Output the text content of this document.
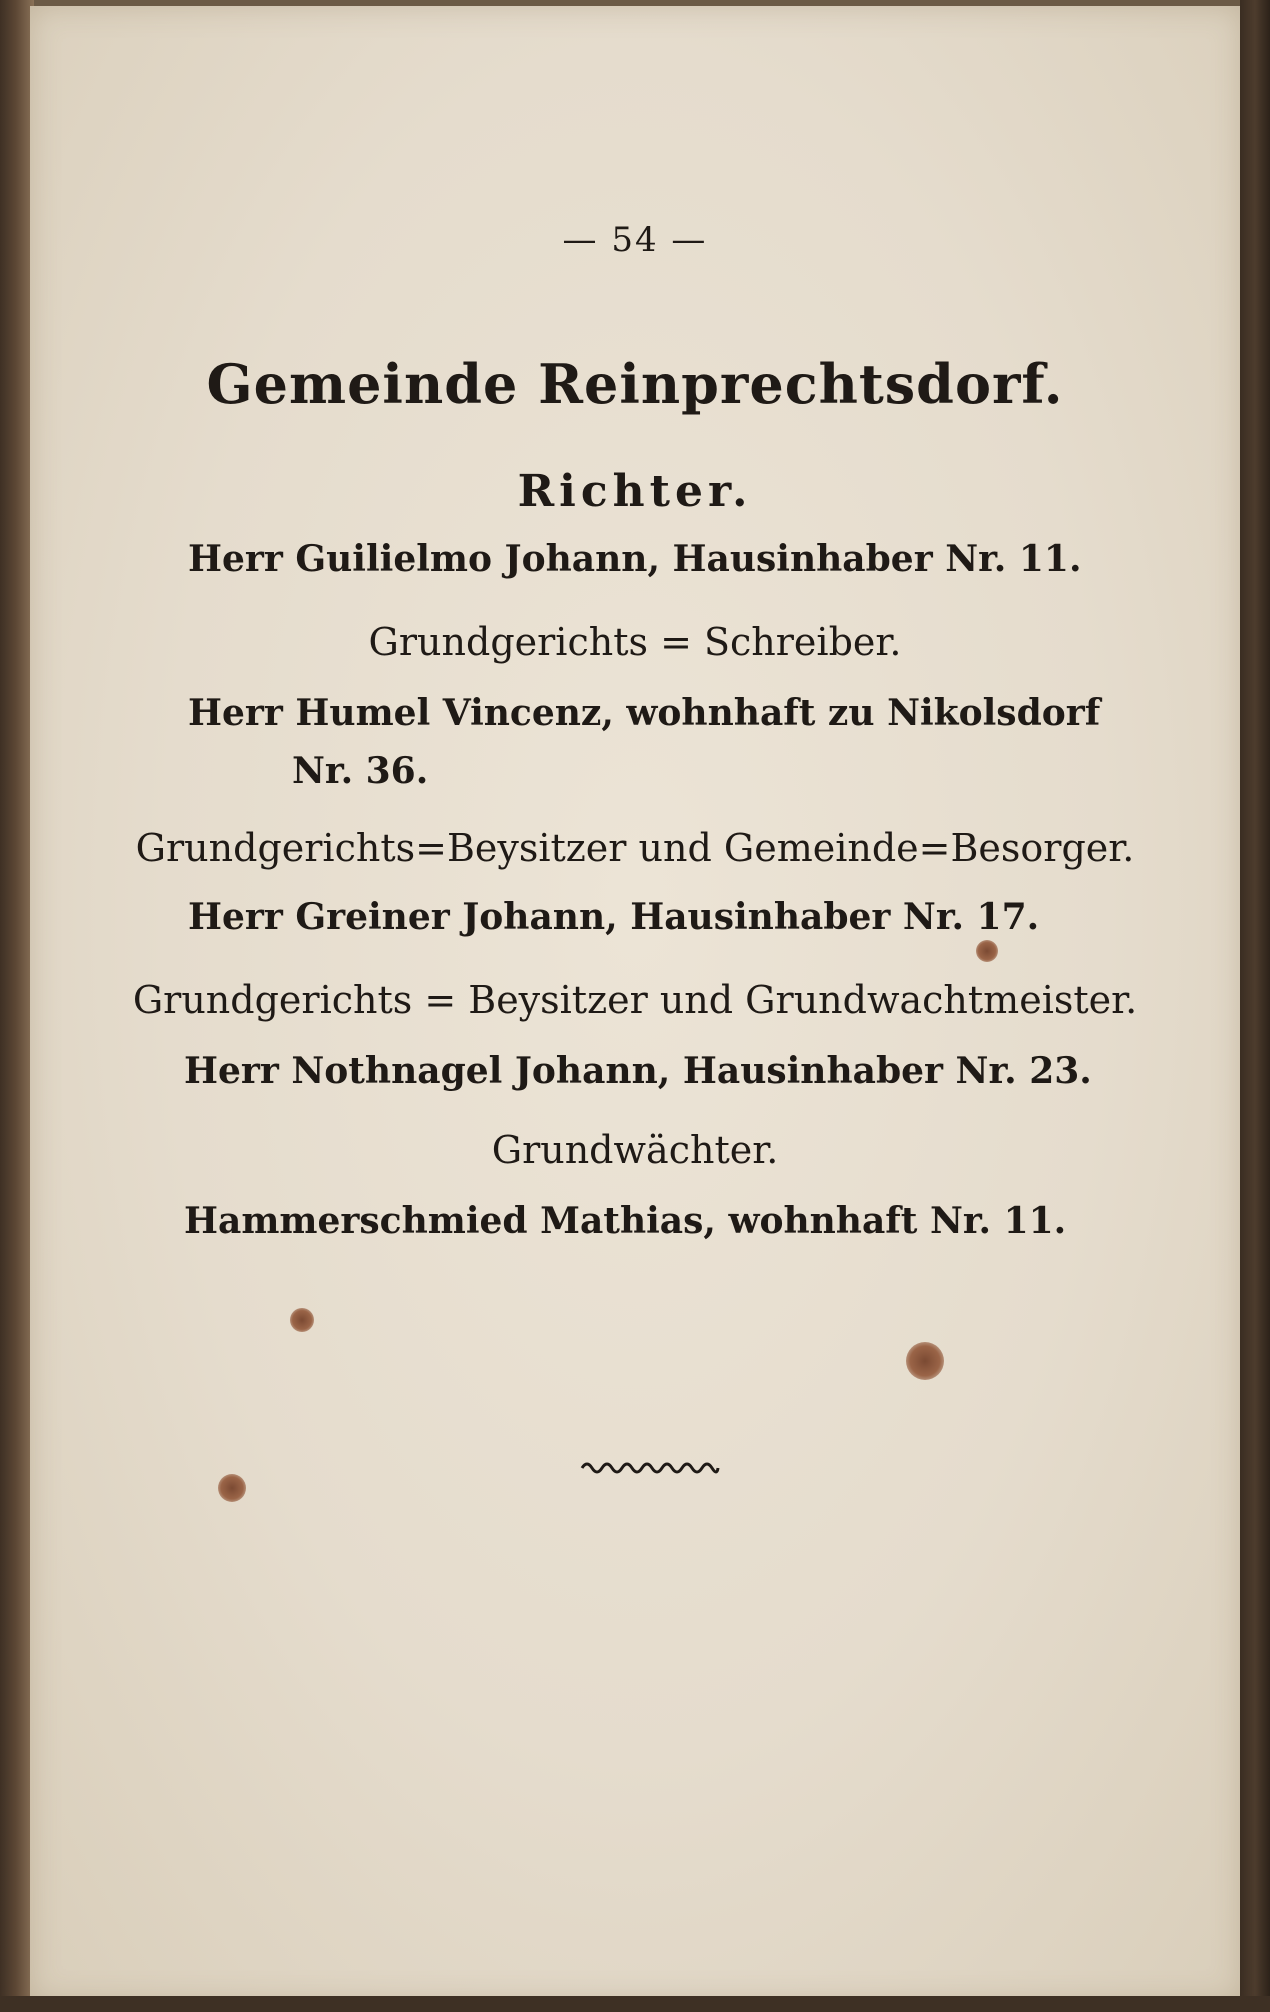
— 54 —
Gemeinde Reinprechtsdorf.
Richter.
Herr Guilielmo Johann, Hausinhaber Nr. 11.
Grundgerichts = Schreiber.
Herr Humel Vincenz, wohnhaft zu Nikolsdorf
Nr. 36.
Grundgerichts=Beysitzer und Gemeinde=Besorger.
Herr Greiner Johann, Hausinhaber Nr. 17.
Grundgerichts = Beysitzer und Grundwachtmeister.
Herr Nothnagel Johann, Hausinhaber Nr. 23.
Grundwächter.
Hammerschmied Mathias, wohnhaft Nr. 11.
